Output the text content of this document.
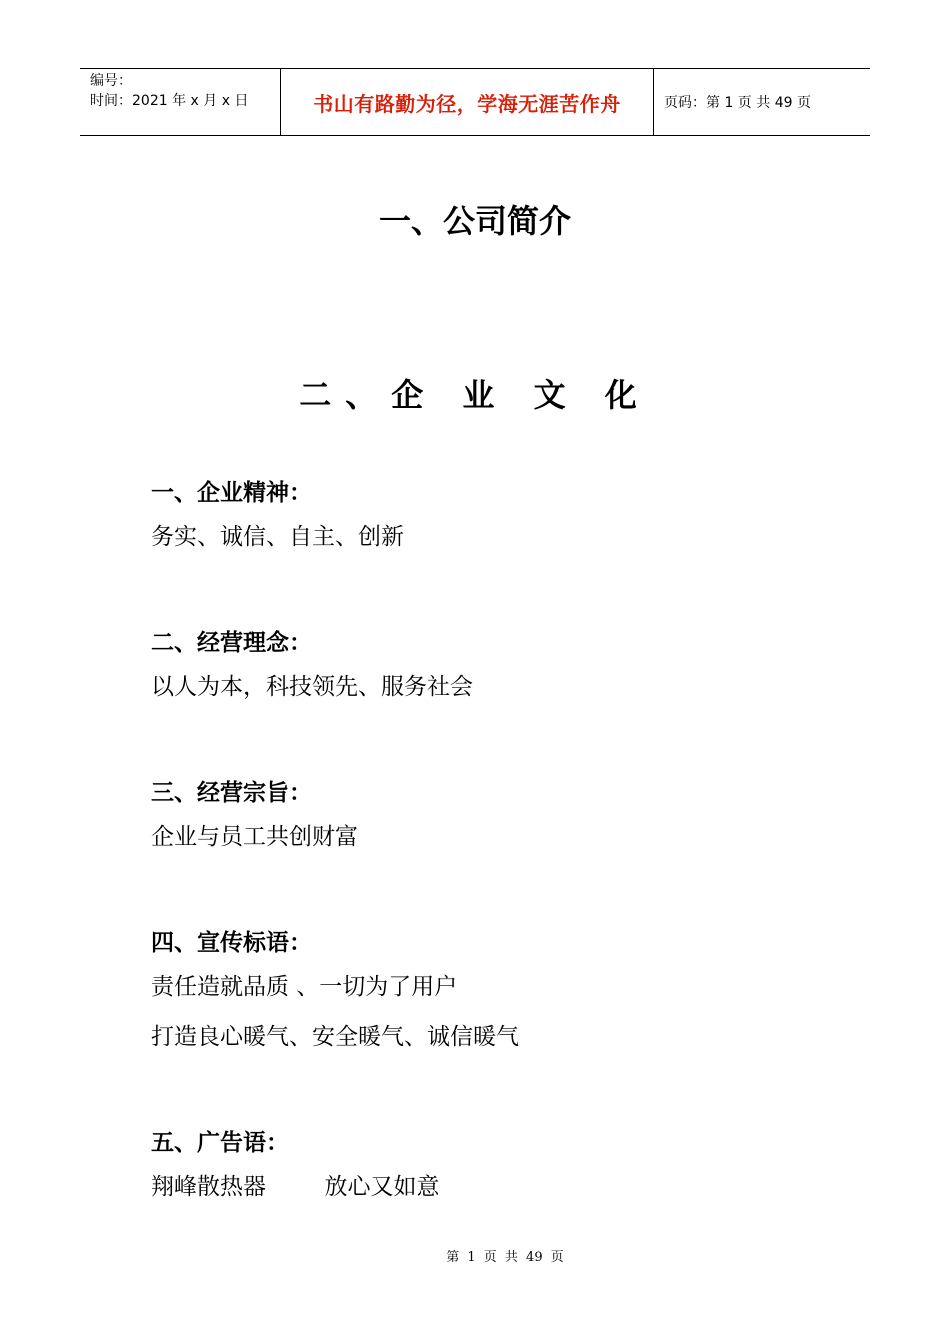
编号：
时间：2021 年 x 月 x 日	书山有路勤为径，学海无涯苦作舟	页码：第 1 页 共 49 页
一、公司简介
二、企 业 文 化
一、企业精神：
务实、诚信、自主、创新
二、经营理念：
以人为本，科技领先、服务社会
三、经营宗旨：
企业与员工共创财富
四、宣传标语：
责任造就品质 、一切为了用户
打造良心暖气、安全暖气、诚信暖气
五、广告语：
翔峰散热器        放心又如意
第 1 页 共 49 页
